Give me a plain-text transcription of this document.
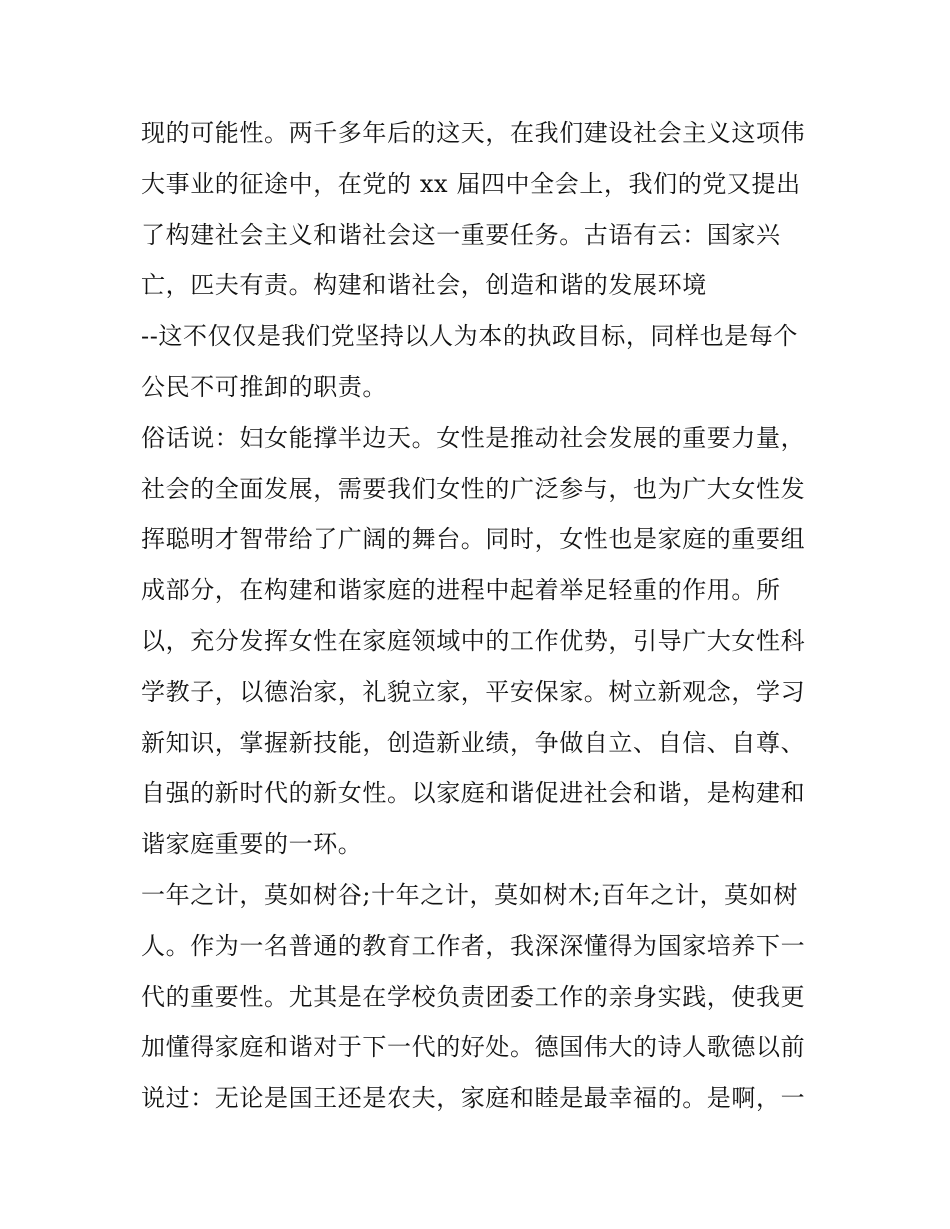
现的可能性。两千多年后的这天，在我们建设社会主义这项伟
大事业的征途中，在党的 xx 届四中全会上，我们的党又提出
了构建社会主义和谐社会这一重要任务。古语有云：国家兴
亡，匹夫有责。构建和谐社会，创造和谐的发展环境
--这不仅仅是我们党坚持以人为本的执政目标，同样也是每个
公民不可推卸的职责。
俗话说：妇女能撑半边天。女性是推动社会发展的重要力量，
社会的全面发展，需要我们女性的广泛参与，也为广大女性发
挥聪明才智带给了广阔的舞台。同时，女性也是家庭的重要组
成部分，在构建和谐家庭的进程中起着举足轻重的作用。所
以，充分发挥女性在家庭领域中的工作优势，引导广大女性科
学教子，以德治家，礼貌立家，平安保家。树立新观念，学习
新知识，掌握新技能，创造新业绩，争做自立、自信、自尊、
自强的新时代的新女性。以家庭和谐促进社会和谐，是构建和
谐家庭重要的一环。
一年之计，莫如树谷;十年之计，莫如树木;百年之计，莫如树
人。作为一名普通的教育工作者，我深深懂得为国家培养下一
代的重要性。尤其是在学校负责团委工作的亲身实践，使我更
加懂得家庭和谐对于下一代的好处。德国伟大的诗人歌德以前
说过：无论是国王还是农夫，家庭和睦是最幸福的。是啊，一
